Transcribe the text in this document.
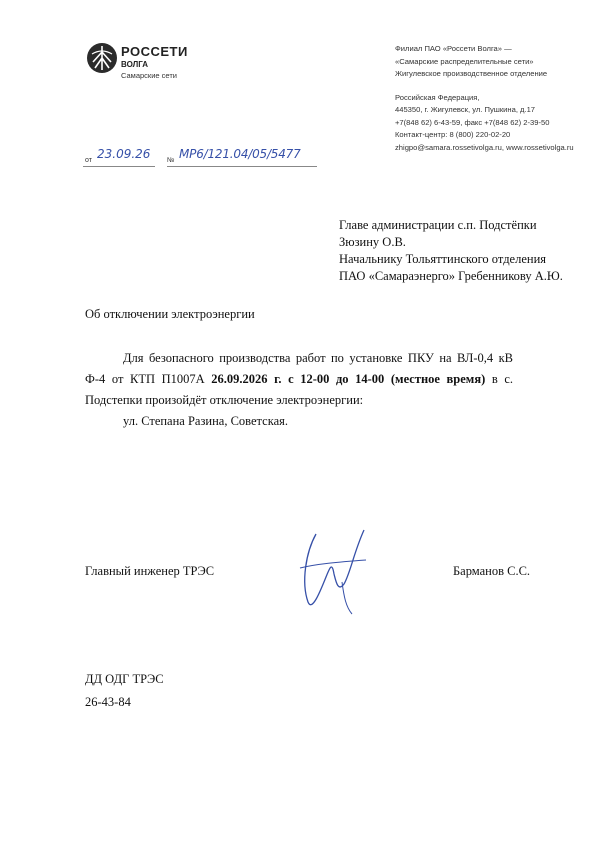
РОССЕТИ
ВОЛГА
Самарские сети
Филиал ПАО «Россети Волга» —
«Самарские распределительные сети»
Жигулевское производственное отделение
Российская Федерация,
445350, г. Жигулевск, ул. Пушкина, д.17
+7(848 62) 6-43-59, факс +7(848 62) 2-39-50
Контакт-центр: 8 (800) 220-02-20
zhigpo@samara.rossetivolga.ru, www.rossetivolga.ru
от 23.09.26 № МР6/121.04/05/5477
Главе администрации с.п. Подстёпки
Зюзину О.В.
Начальнику Тольяттинского отделения
ПАО «Самараэнерго» Гребенникову А.Ю.
Об отключении электроэнергии

Для безопасного производства работ по установке ПКУ на ВЛ-0,4 кВ Ф-4 от КТП П1007А 26.09.2026 г. с 12-00 до 14-00 (местное время) в с. Подстепки произойдёт отключение электроэнергии:

ул. Степана Разина, Советская.

Главный инженер ТРЭС	Барманов С.С.
ДД ОДГ ТРЭС
26-43-84
